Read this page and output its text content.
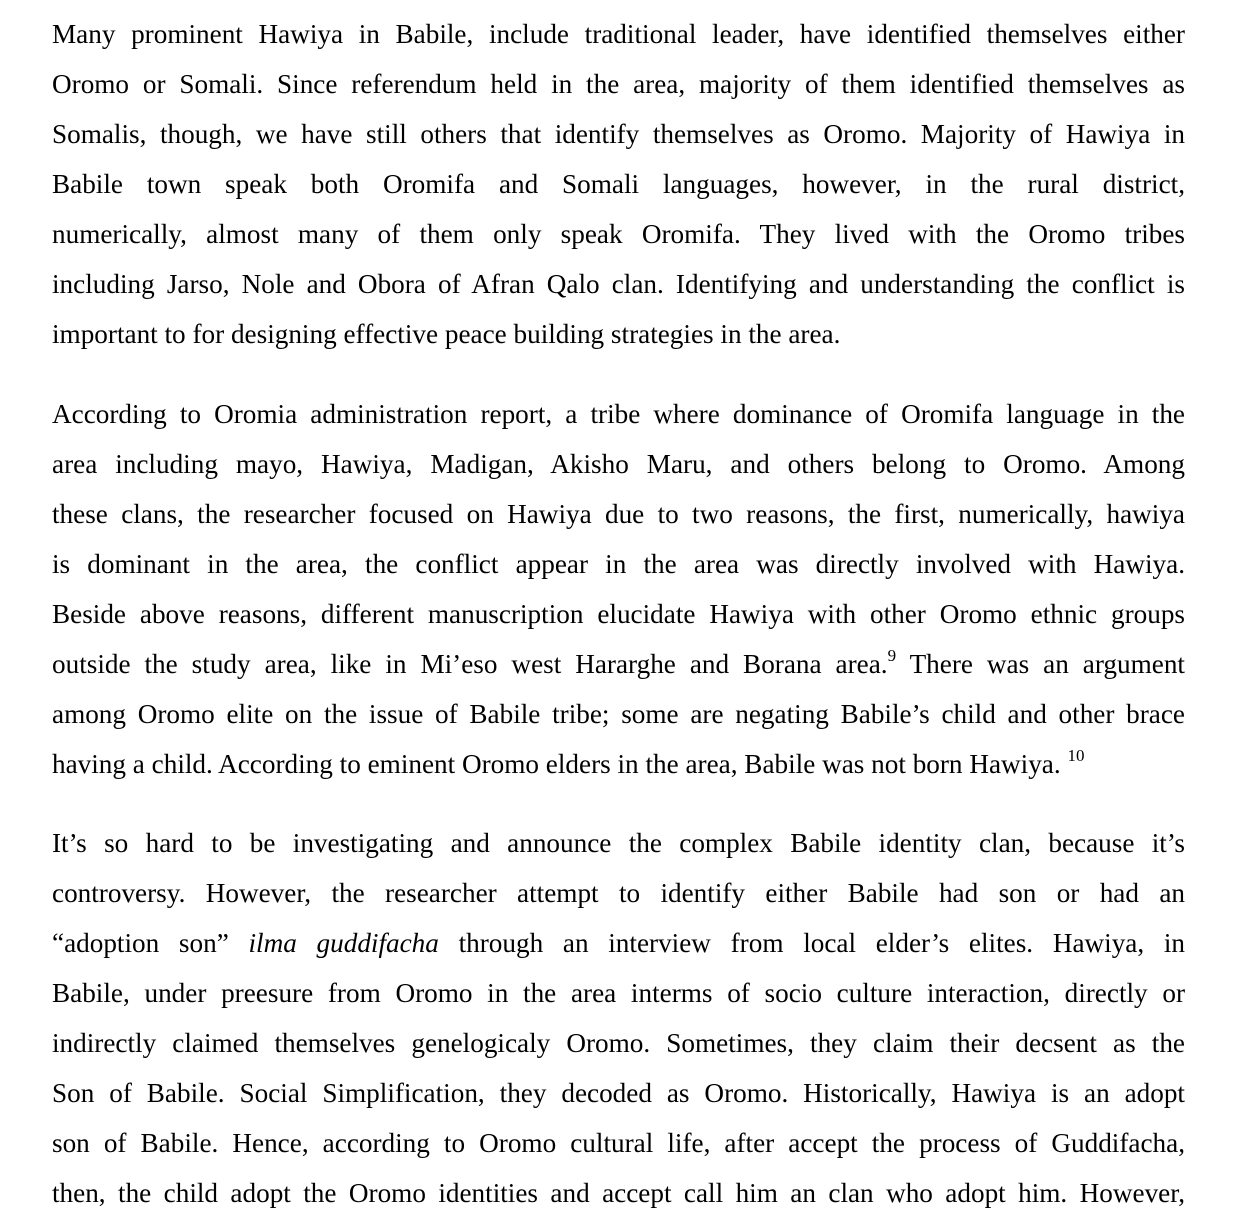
Many prominent Hawiya in Babile, include traditional leader, have identified themselves either
Oromo or Somali. Since referendum held in the area, majority of them identified themselves as
Somalis, though, we have still others that identify themselves as Oromo. Majority of Hawiya in
Babile town speak both Oromifa and Somali languages, however, in the rural district,
numerically, almost many of them only speak Oromifa. They lived with the Oromo tribes
including Jarso, Nole and Obora of Afran Qalo clan. Identifying and understanding the conflict is
important to for designing effective peace building strategies in the area.
According to Oromia administration report, a tribe where dominance of Oromifa language in the
area including mayo, Hawiya, Madigan, Akisho Maru, and others belong to Oromo. Among
these clans, the researcher focused on Hawiya due to two reasons, the first, numerically, hawiya
is dominant in the area, the conflict appear in the area was directly involved with Hawiya.
Beside above reasons, different manuscription elucidate Hawiya with other Oromo ethnic groups
outside the study area, like in Mi’eso west Hararghe and Borana area.$^9$ There was an argument
among Oromo elite on the issue of Babile tribe; some are negating Babile’s child and other brace
having a child. According to eminent Oromo elders in the area, Babile was not born Hawiya. $^{10}$
It’s so hard to be investigating and announce the complex Babile identity clan, because it’s
controversy. However, the researcher attempt to identify either Babile had son or had an
“adoption son” ilma guddifacha through an interview from local elder’s elites. Hawiya, in
Babile, under preesure from Oromo in the area interms of socio culture interaction, directly or
indirectly claimed themselves genelogicaly Oromo. Sometimes, they claim their decsent as the
Son of Babile. Social Simplification, they decoded as Oromo. Historically, Hawiya is an adopt
son of Babile. Hence, according to Oromo cultural life, after accept the process of Guddifacha,
then, the child adopt the Oromo identities and accept call him an clan who adopt him. However,
